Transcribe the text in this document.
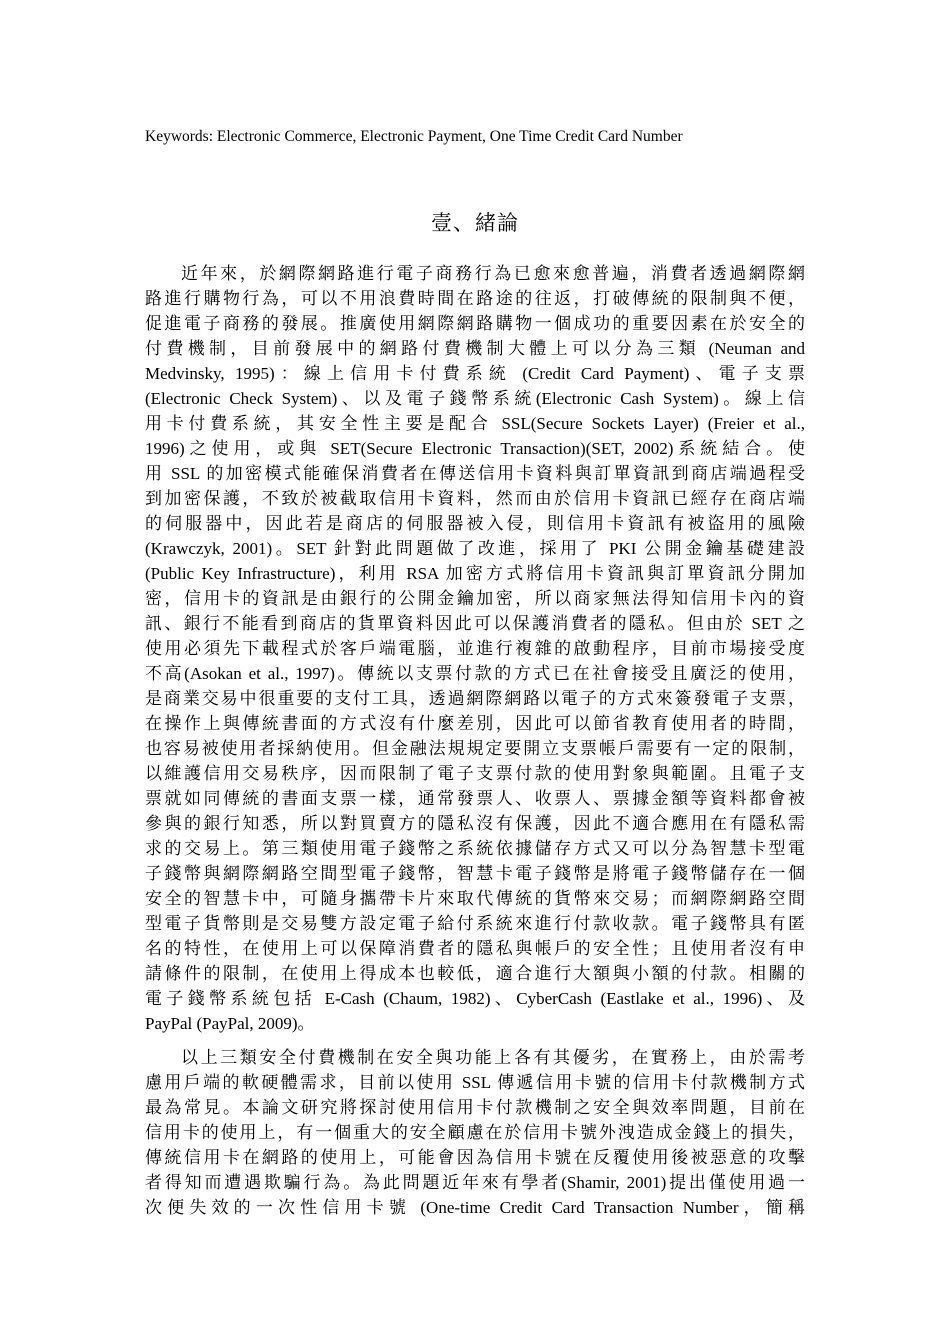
Keywords: Electronic Commerce, Electronic Payment, One Time Credit Card Number
壹、緒論
近年來，於網際網路進行電子商務行為已愈來愈普遍，消費者透過網際網
路進行購物行為，可以不用浪費時間在路途的往返，打破傳統的限制與不便，
促進電子商務的發展。推廣使用網際網路購物一個成功的重要因素在於安全的
付費機制，目前發展中的網路付費機制大體上可以分為三類 (Neuman and
Medvinsky, 1995)：線上信用卡付費系統 (Credit Card Payment)、電子支票
(Electronic Check System)、以及電子錢幣系統(Electronic Cash System)。線上信
用卡付費系統，其安全性主要是配合 SSL(Secure Sockets Layer) (Freier et al.,
1996)之使用，或與 SET(Secure Electronic Transaction)(SET, 2002)系統結合。使
用 SSL 的加密模式能確保消費者在傳送信用卡資料與訂單資訊到商店端過程受
到加密保護，不致於被截取信用卡資料，然而由於信用卡資訊已經存在商店端
的伺服器中，因此若是商店的伺服器被入侵，則信用卡資訊有被盜用的風險
(Krawczyk, 2001)。SET 針對此問題做了改進，採用了 PKI 公開金鑰基礎建設
(Public Key Infrastructure)，利用 RSA 加密方式將信用卡資訊與訂單資訊分開加
密，信用卡的資訊是由銀行的公開金鑰加密，所以商家無法得知信用卡內的資
訊、銀行不能看到商店的貨單資料因此可以保護消費者的隱私。但由於 SET 之
使用必須先下載程式於客戶端電腦，並進行複雜的啟動程序，目前市場接受度
不高(Asokan et al., 1997)。傳統以支票付款的方式已在社會接受且廣泛的使用，
是商業交易中很重要的支付工具，透過網際網路以電子的方式來簽發電子支票，
在操作上與傳統書面的方式沒有什麼差別，因此可以節省教育使用者的時間，
也容易被使用者採納使用。但金融法規規定要開立支票帳戶需要有一定的限制，
以維護信用交易秩序，因而限制了電子支票付款的使用對象與範圍。且電子支
票就如同傳統的書面支票一樣，通常發票人、收票人、票據金額等資料都會被
參與的銀行知悉，所以對買賣方的隱私沒有保護，因此不適合應用在有隱私需
求的交易上。第三類使用電子錢幣之系統依據儲存方式又可以分為智慧卡型電
子錢幣與網際網路空間型電子錢幣，智慧卡電子錢幣是將電子錢幣儲存在一個
安全的智慧卡中，可隨身攜帶卡片來取代傳統的貨幣來交易；而網際網路空間
型電子貨幣則是交易雙方設定電子給付系統來進行付款收款。電子錢幣具有匿
名的特性，在使用上可以保障消費者的隱私與帳戶的安全性；且使用者沒有申
請條件的限制，在使用上得成本也較低，適合進行大額與小額的付款。相關的
電子錢幣系統包括 E-Cash (Chaum, 1982)、CyberCash (Eastlake et al., 1996)、及
PayPal (PayPal, 2009)。
以上三類安全付費機制在安全與功能上各有其優劣，在實務上，由於需考
慮用戶端的軟硬體需求，目前以使用 SSL 傳遞信用卡號的信用卡付款機制方式
最為常見。本論文研究將探討使用信用卡付款機制之安全與效率問題，目前在
信用卡的使用上，有一個重大的安全顧慮在於信用卡號外洩造成金錢上的損失，
傳統信用卡在網路的使用上，可能會因為信用卡號在反覆使用後被惡意的攻擊
者得知而遭遇欺騙行為。為此問題近年來有學者(Shamir, 2001)提出僅使用過一
次便失效的一次性信用卡號 (One-time Credit Card Transaction Number，簡稱
